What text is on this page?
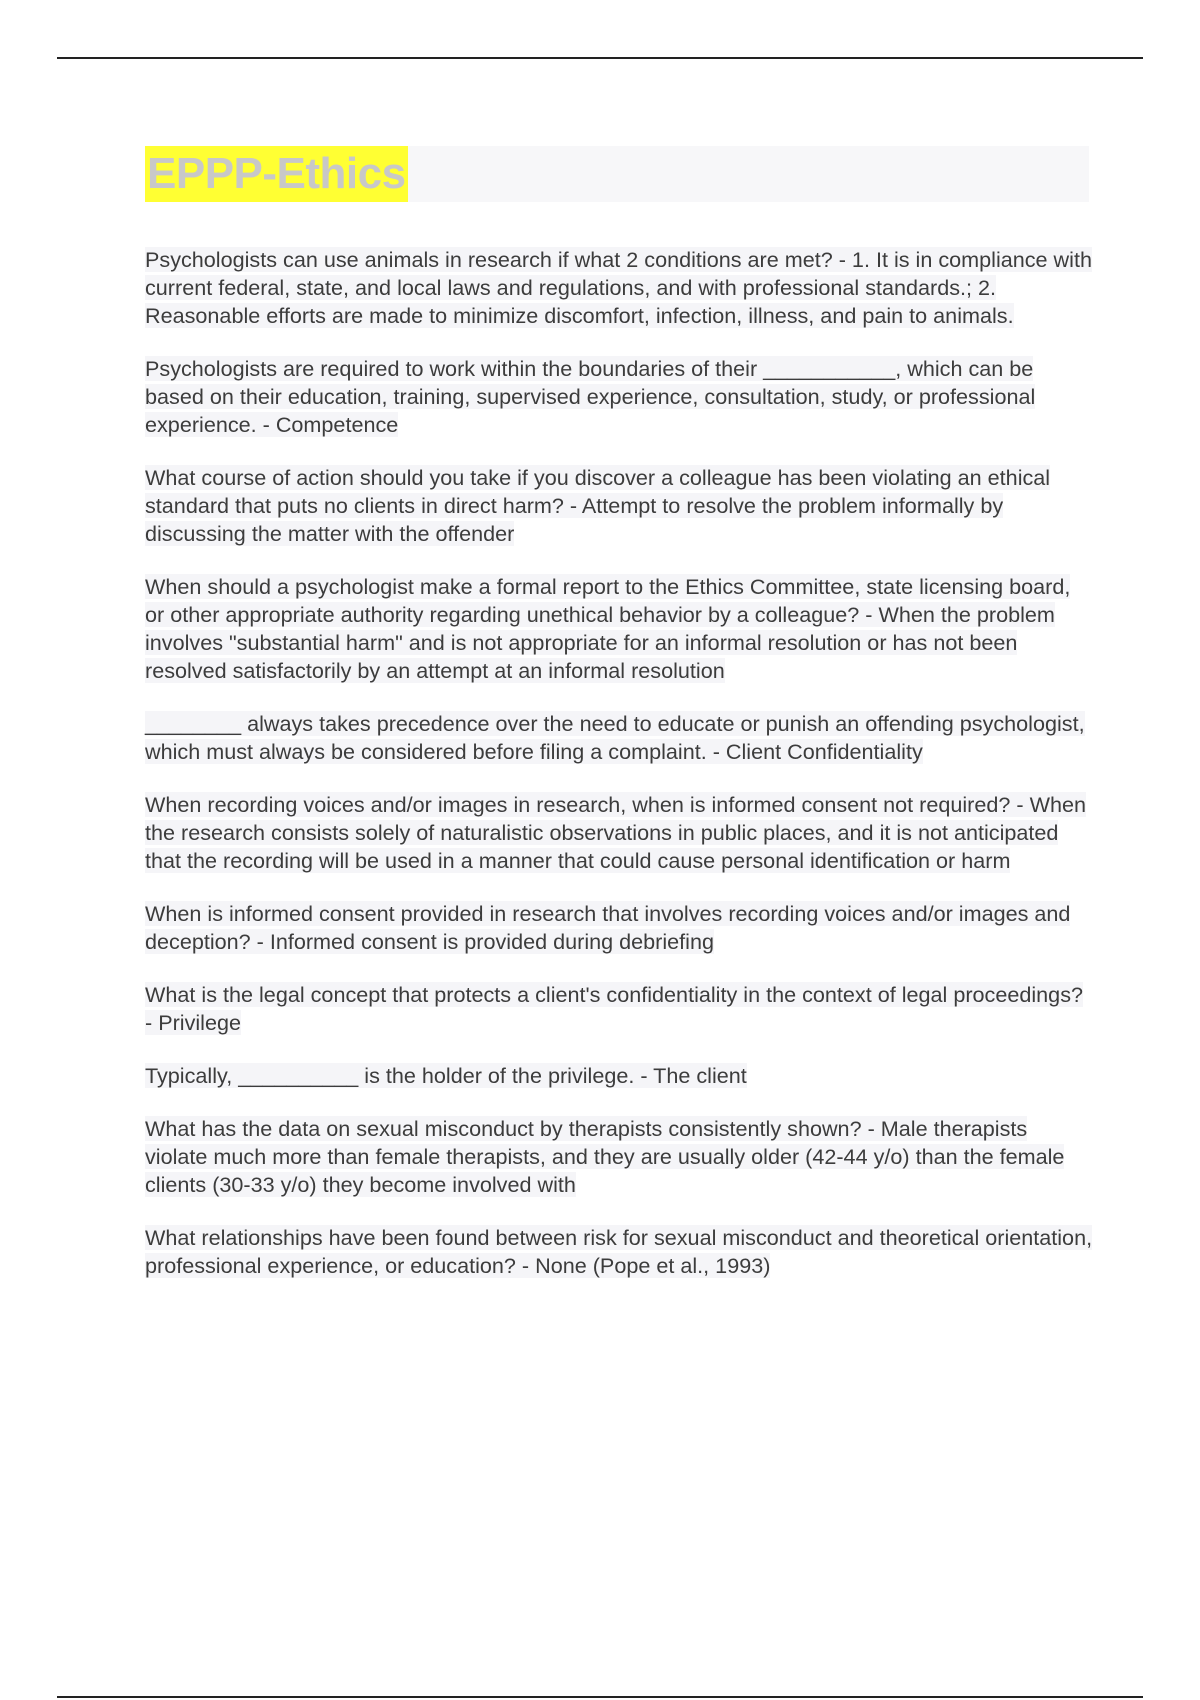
EPPP-Ethics

Psychologists can use animals in research if what 2 conditions are met? - 1. It is in compliance with current federal, state, and local laws and regulations, and with professional standards.; 2. Reasonable efforts are made to minimize discomfort, infection, illness, and pain to animals.

Psychologists are required to work within the boundaries of their ___________, which can be based on their education, training, supervised experience, consultation, study, or professional experience. - Competence

What course of action should you take if you discover a colleague has been violating an ethical standard that puts no clients in direct harm? - Attempt to resolve the problem informally by discussing the matter with the offender

When should a psychologist make a formal report to the Ethics Committee, state licensing board, or other appropriate authority regarding unethical behavior by a colleague? - When the problem involves "substantial harm" and is not appropriate for an informal resolution or has not been resolved satisfactorily by an attempt at an informal resolution

________ always takes precedence over the need to educate or punish an offending psychologist, which must always be considered before filing a complaint. - Client Confidentiality

When recording voices and/or images in research, when is informed consent not required? - When the research consists solely of naturalistic observations in public places, and it is not anticipated that the recording will be used in a manner that could cause personal identification or harm

When is informed consent provided in research that involves recording voices and/or images and deception? - Informed consent is provided during debriefing

What is the legal concept that protects a client's confidentiality in the context of legal proceedings? - Privilege

Typically, __________ is the holder of the privilege. - The client

What has the data on sexual misconduct by therapists consistently shown? - Male therapists violate much more than female therapists, and they are usually older (42-44 y/o) than the female clients (30-33 y/o) they become involved with

What relationships have been found between risk for sexual misconduct and theoretical orientation, professional experience, or education? - None (Pope et al., 1993)
